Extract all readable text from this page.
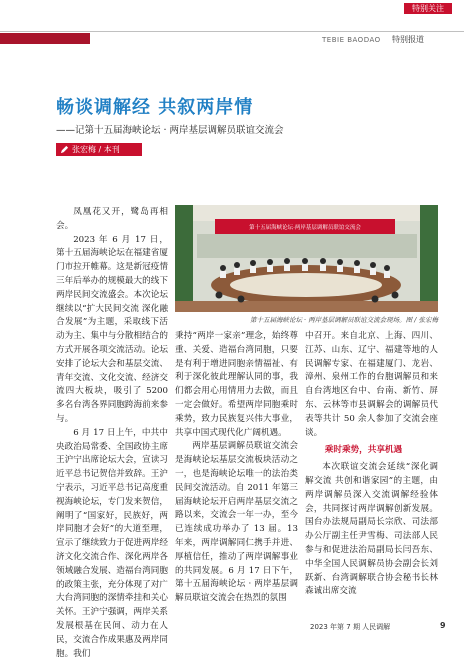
特别关注
TEBIE BAODAO 特别报道
畅谈调解经 共叙两岸情
——记第十五届海峡论坛 · 两岸基层调解员联谊交流会
张宏梅 / 本刊
第十五届海峡论坛·两岸基层调解员联谊交流会
第十五届海峡论坛 · 两岸基层调解员联谊交流会现场。图 / 张宏梅

凤凰花又开，鹭岛再相会。

2023 年 6 月 17 日，第十五届海峡论坛在福建省厦门市拉开帷幕。这是新冠疫情三年后举办的规模最大的线下两岸民间交流盛会。本次论坛继续以“扩大民间交流 深化融合发展”为主题，采取线下活动为主、集中与分散相结合的方式开展各项交流活动。论坛安排了论坛大会和基层交流、青年交流、文化交流、经济交流四大板块，吸引了 5200 多名台湾各界同胞跨海前来参与。

6 月 17 日上午，中共中央政治局常委、全国政协主席王沪宁出席论坛大会，宣读习近平总书记贺信并致辞。王沪宁表示，习近平总书记高度重视海峡论坛，专门发来贺信，阐明了“国家好，民族好，两岸同胞才会好”的大道至理，宣示了继续致力于促进两岸经济文化交流合作、深化两岸各领域融合发展、造福台湾同胞的政策主张，充分体现了对广大台湾同胞的深情牵挂和关心关怀。王沪宁强调，两岸关系发展根基在民间、动力在人民，交流合作成果惠及两岸同胞。我们

秉持“两岸一家亲”理念，始终尊重、关爱、造福台湾同胞，只要是有利于增进同胞亲情福祉、有利于深化彼此理解认同的事，我们都会用心用情用力去做，而且一定会做好。希望两岸同胞乘时乘势，致力民族复兴伟大事业，共享中国式现代化广阔机遇。

两岸基层调解员联谊交流会是海峡论坛基层交流板块活动之一，也是海峡论坛唯一的法治类民间交流活动。自 2011 年第三届海峡论坛开启两岸基层交流之路以来，交流会一年一办，至今已连续成功举办了 13 届。13 年来，两岸调解同仁携手并进、厚植信任，推动了两岸调解事业的共同发展。6 月 17 日下午，第十五届海峡论坛 · 两岸基层调解员联谊交流会在热烈的氛围

中召开。来自北京、上海、四川、江苏、山东、辽宁、福建等地的人民调解专家、在福建厦门、龙岩、漳州、泉州工作的台胞调解员和来自台湾地区台中、台南、新竹、屏东、云林等市县调解会的调解员代表等共计 50 余人参加了交流会座谈。

乘时乘势，共享机遇

本次联谊交流会延续“深化调解交流 共创和谐家园”的主题，由两岸调解员深入交流调解经验体会，共同探讨两岸调解创新发展。国台办法规局副局长宗欣、司法部办公厅副主任尹雪梅、司法部人民参与和促进法治局副局长闫吾东、中华全国人民调解员协会副会长刘跃新、台湾调解联合协会秘书长林森诚出席交流

2023 年第 7 期 人民调解	9
